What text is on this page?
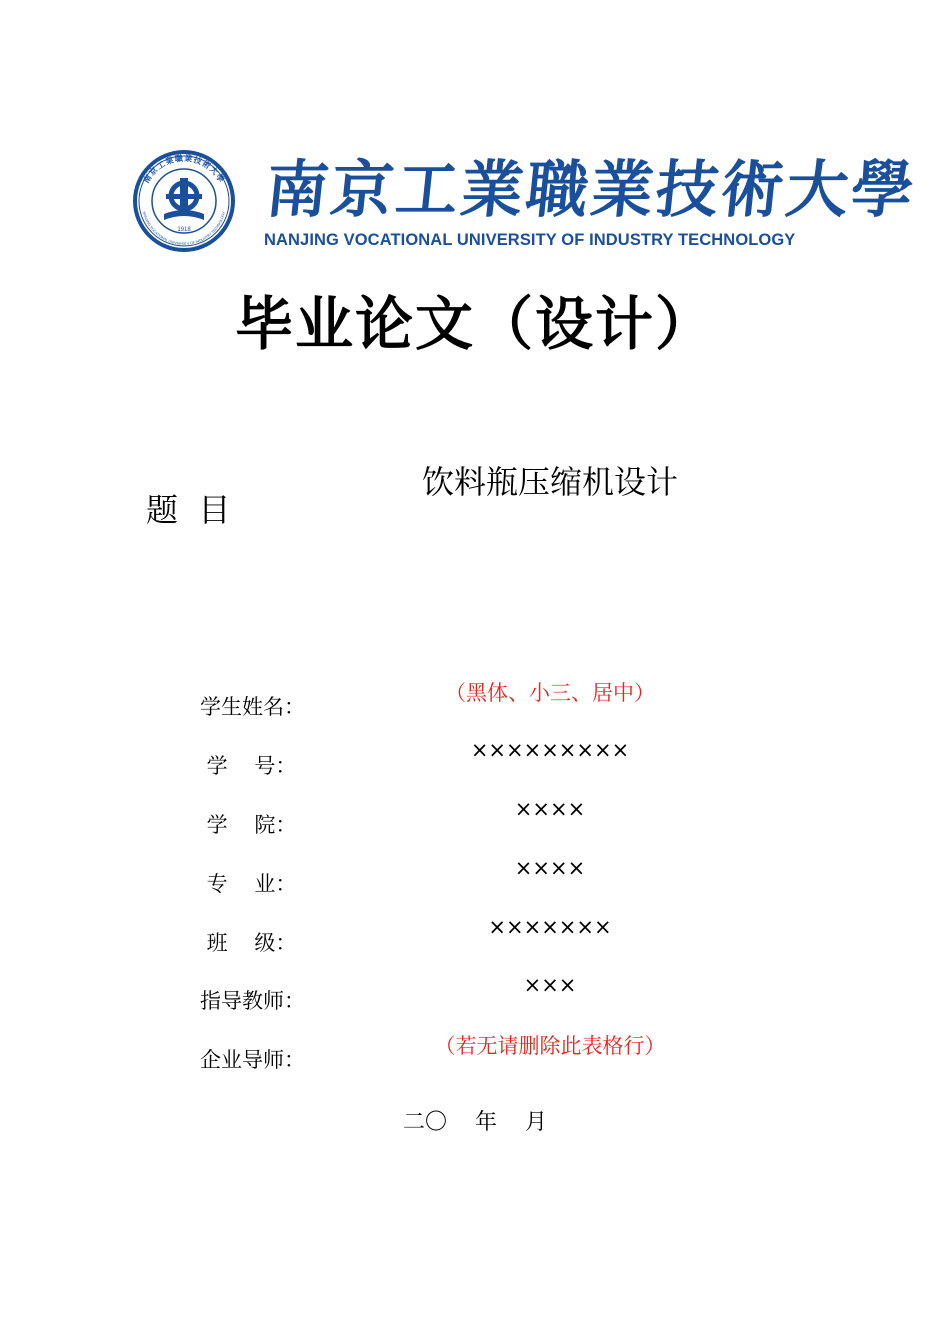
南京工業職業技術大學
NANJING VOCATIONAL UNIVERSITY OF INDUSTRY TECHNOLOGY
1918
南京工業職業技術大學
NANJING VOCATIONAL UNIVERSITY OF INDUSTRY TECHNOLOGY
毕业论文（设计）
题  目
饮料瓶压缩机设计
学生姓名：
（黑体、小三、居中）
学    号：
×××××××××
学    院：
××××
专    业：
××××
班    级：
×××××××
指导教师：
×××
企业导师：
（若无请删除此表格行）
二〇    年    月
